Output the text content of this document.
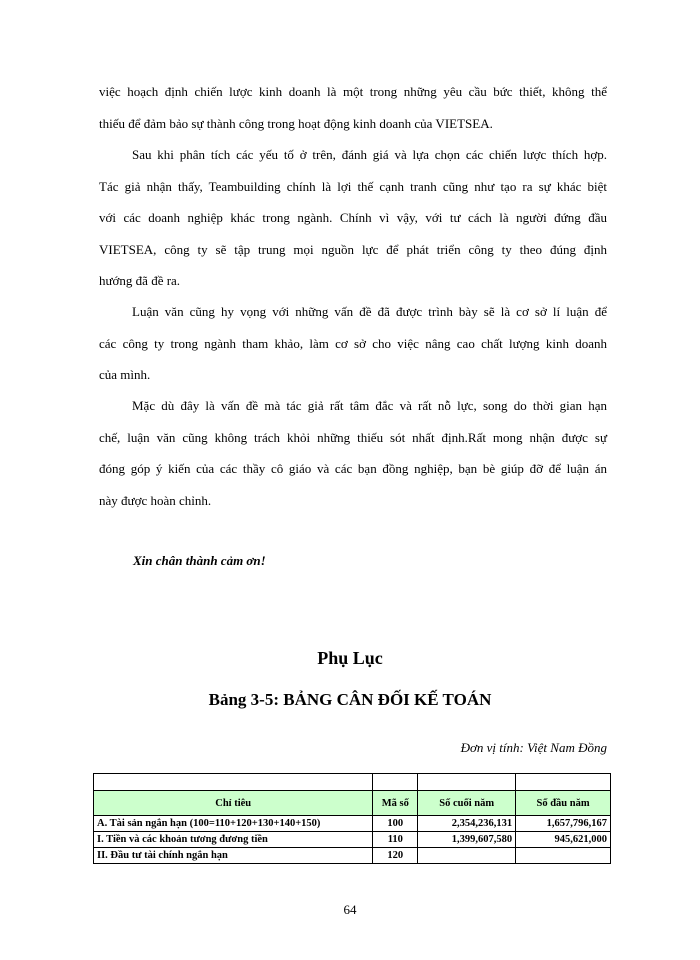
việc hoạch định chiến lược kinh doanh là một trong những yêu cầu bức thiết, không thể
thiếu để đảm bảo sự thành công trong hoạt động kinh doanh của VIETSEA.

Sau khi phân tích các yếu tố ở trên, đánh giá và lựa chọn các chiến lược thích hợp.
Tác giả nhận thấy, Teambuilding chính là lợi thế cạnh tranh cũng như tạo ra sự khác biệt
với các doanh nghiệp khác trong ngành. Chính vì vậy, với tư cách là người đứng đầu
VIETSEA, công ty sẽ tập trung mọi nguồn lực để phát triển công ty theo đúng định
hướng đã đề ra.

Luận văn cũng hy vọng với những vấn đề đã được trình bày sẽ là cơ sở lí luận để
các công ty trong ngành tham khảo, làm cơ sở cho việc nâng cao chất lượng kinh doanh
của mình.

Mặc dù đây là vấn đề mà tác giả rất tâm đắc và rất nỗ lực, song do thời gian hạn
chế, luận văn cũng không trách khỏi những thiếu sót nhất định.Rất mong nhận được sự
đóng góp ý kiến của các thầy cô giáo và các bạn đồng nghiệp, bạn bè giúp đỡ để luận án
này được hoàn chỉnh.

Xin chân thành cảm ơn!
Phụ Lục
Bảng 3-5: BẢNG CÂN ĐỐI KẾ TOÁN
Đơn vị tính: Việt Nam Đồng

Chỉ tiêu	Mã số	Số cuối năm	Số đầu năm
A. Tài sản ngắn hạn (100=110+120+130+140+150)	100	2,354,236,131	1,657,796,167
I. Tiền và các khoản tương đương tiền	110	1,399,607,580	945,621,000
II. Đầu tư tài chính ngắn hạn	120		
64
